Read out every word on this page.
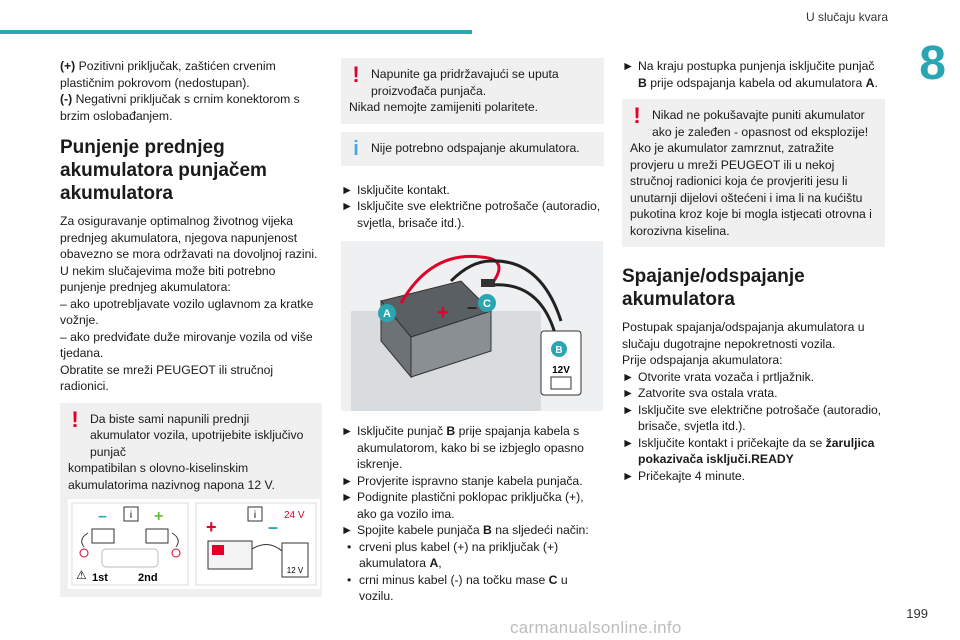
U slučaju kvara
8

(+) Pozitivni priključak, zaštićen crvenim plastičnim pokrovom (nedostupan).

(-) Negativni priključak s crnim konektorom s brzim oslobađanjem.

Punjenje prednjeg akumulatora punjačem akumulatora

Za osiguravanje optimalnog životnog vijeka prednjeg akumulatora, njegova napunjenost obavezno se mora održavati na dovoljnoj razini.

U nekim slučajevima može biti potrebno punjenje prednjeg akumulatora:

– ako upotrebljavate vozilo uglavnom za kratke vožnje.

– ako predviđate duže mirovanje vozila od više tjedana.

Obratite se mreži PEUGEOT ili stručnoj radionici.

! Da biste sami napunili prednji akumulator vozila, upotrijebite isključivo punjač

kompatibilan s olovno-kiselinskim akumulatorima nazivnog napona 12 V.

i
–	+
⚠ 1st	2nd
i	24 V
+	–
12 V
! Napunite ga pridržavajući se uputa proizvođača punjača.

Nikad nemojte zamijeniti polaritete.

i	Nije potrebno odspajanje akumulatora.

► Isključite kontakt.
► Isključite sve električne potrošače (autoradio, svjetla, brisače itd.).
+ –
A
C
B
12V
► Isključite punjač B prije spajanja kabela s akumulatorom, kako bi se izbjeglo opasno iskrenje.
► Provjerite ispravno stanje kabela punjača.
► Podignite plastični poklopac priključka (+), ako ga vozilo ima.
► Spojite kabele punjača B na sljedeći način:
• crveni plus kabel (+) na priključak (+) akumulatora A,
• crni minus kabel (-) na točku mase C u vozilu.
► Na kraju postupka punjenja isključite punjač B prije odspajanja kabela od akumulatora A.
! Nikad ne pokušavajte puniti akumulator ako je zaleđen - opasnost od eksplozije!

Ako je akumulator zamrznut, zatražite provjeru u mreži PEUGEOT ili u nekoj stručnoj radionici koja će provjeriti jesu li unutarnji dijelovi oštećeni i ima li na kućištu pukotina kroz koje bi mogla istjecati otrovna i korozivna kiselina.

Spajanje/odspajanje akumulatora

Postupak spajanja/odspajanja akumulatora u slučaju dugotrajne nepokretnosti vozila.

Prije odspajanja akumulatora:

► Otvorite vrata vozača i prtljažnik.
► Zatvorite sva ostala vrata.
► Isključite sve električne potrošače (autoradio, brisače, svjetla itd.).
► Isključite kontakt i pričekajte da se žaruljica pokazivača isključi.READY
► Pričekajte 4 minute.
199
carmanualsonline.info
